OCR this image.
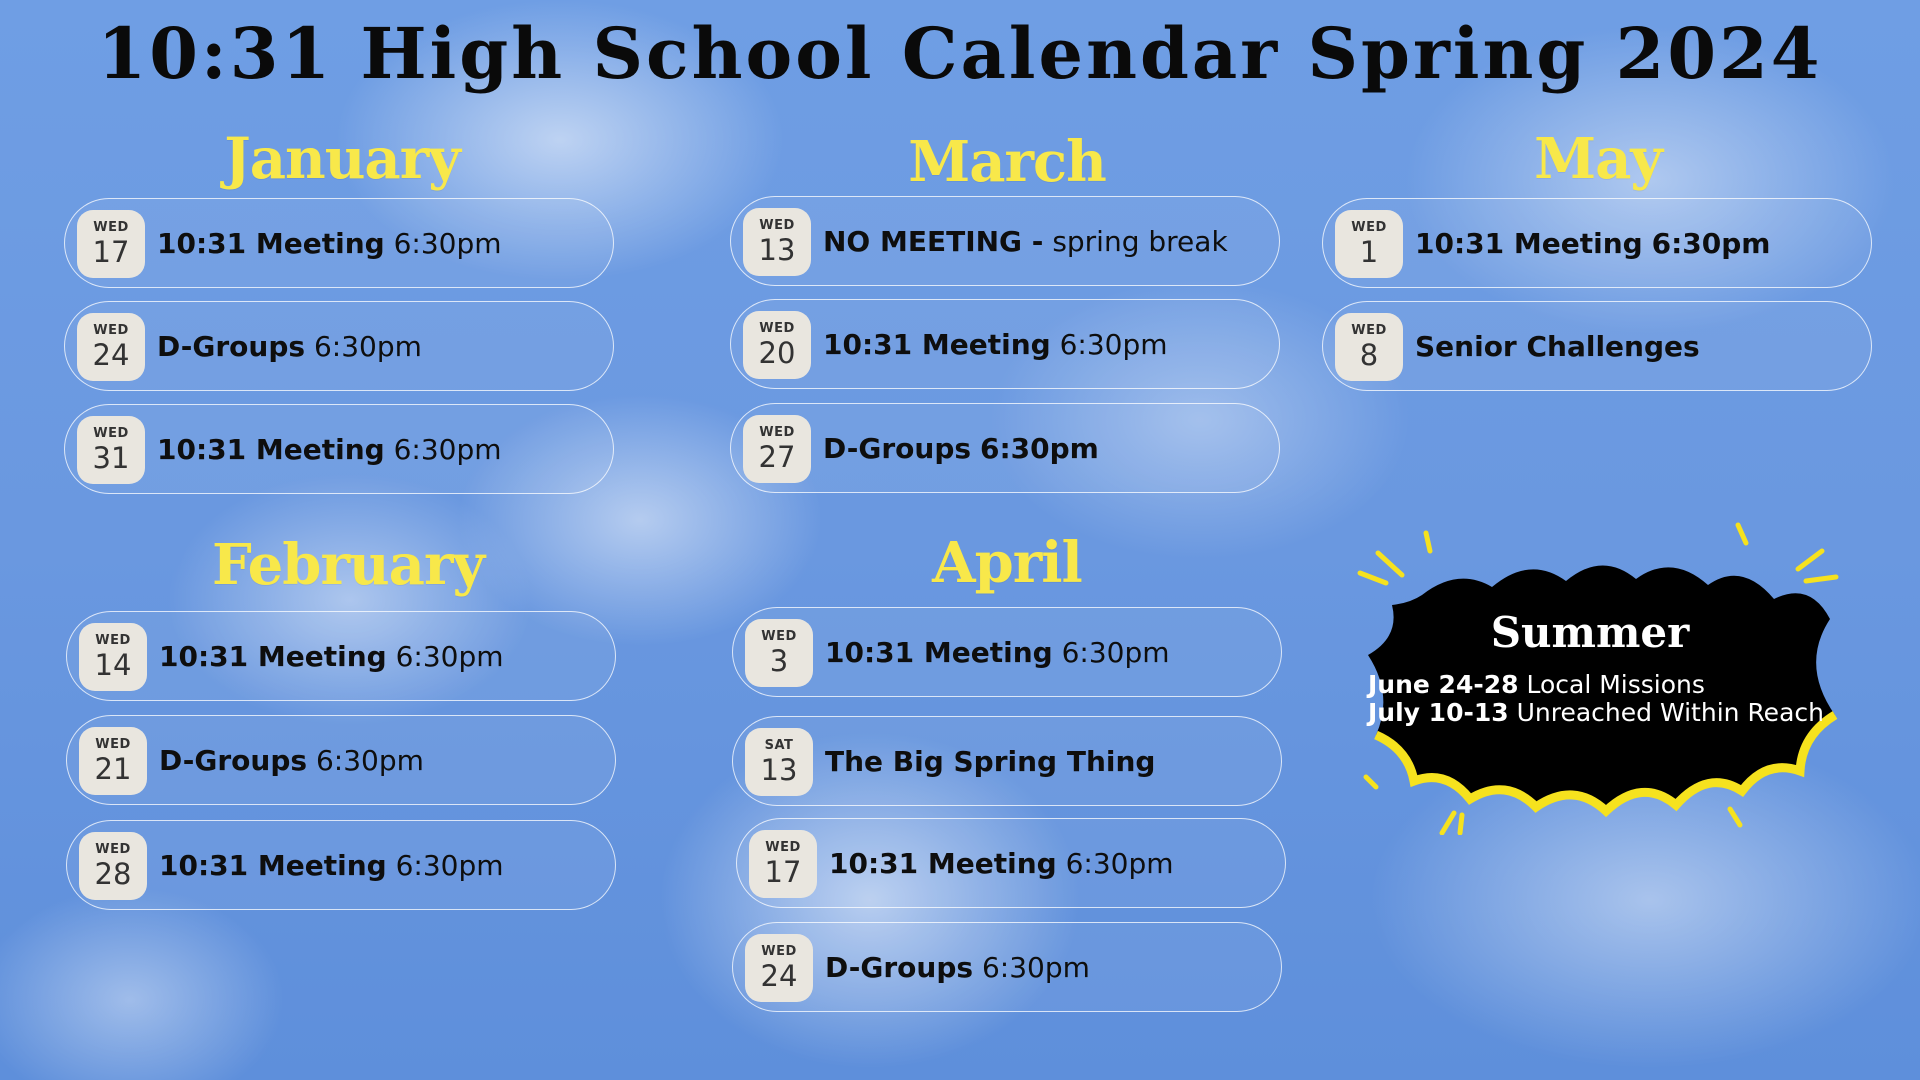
10:31 High School Calendar Spring 2024
January
WED
17 10:31 Meeting 6:30pm
WED
24 D-Groups 6:30pm
WED
31 10:31 Meeting 6:30pm
February
WED
14 10:31 Meeting 6:30pm
WED
21 D-Groups 6:30pm
WED
28 10:31 Meeting 6:30pm
March
WED
13 NO MEETING - spring break
WED
20 10:31 Meeting 6:30pm
WED
27 D-Groups 6:30pm
April
WED
3	10:31 Meeting 6:30pm
SAT
13 The Big Spring Thing
WED
17 10:31 Meeting 6:30pm
WED
24 D-Groups 6:30pm
May
WED
1	10:31 Meeting 6:30pm
WED
8	Senior Challenges
Summer
June 24-28 Local Missions
July 10-13 Unreached Within Reach
